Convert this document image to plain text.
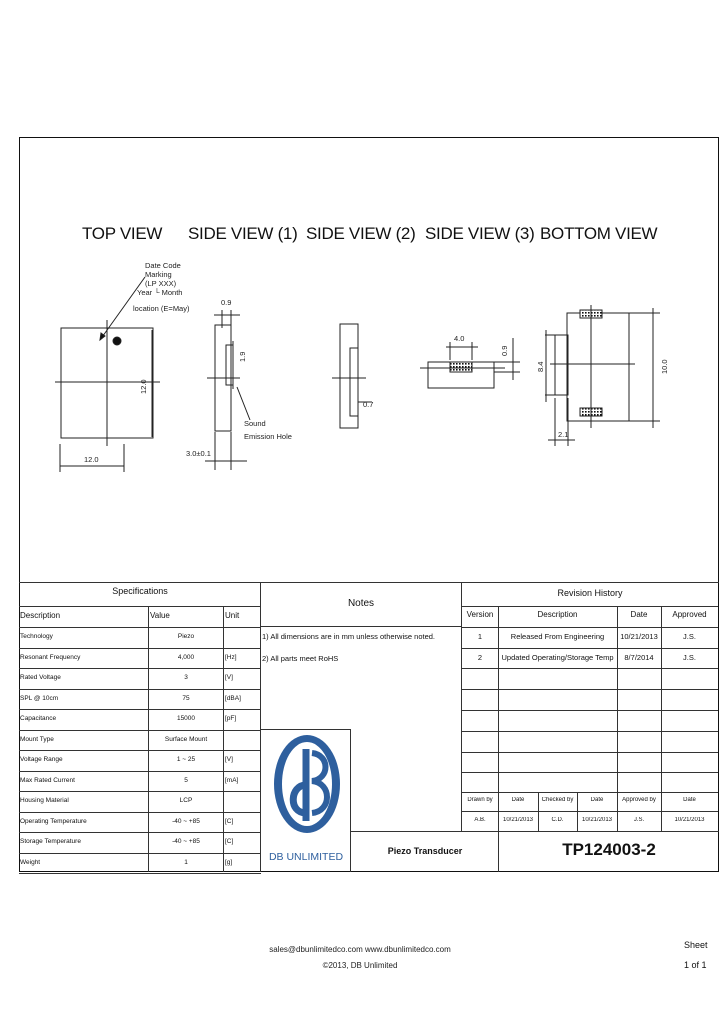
TOP VIEW SIDE VIEW (1) SIDE VIEW (2) SIDE VIEW (3) BOTTOM VIEW
Date Code
Marking
(LP XXX)
Year └ Month
location (E=May)
12.0
12.0
0.9
1.9
Sound
Emission Hole
3.0±0.1
0.7
4.0
0.9
8.4	10.0
2.1
Specifications
Description	Value	Unit
Technology	Piezo
Resonant Frequency	4,000	[Hz]
Rated Voltage	3	[V]
SPL @ 10cm	75	[dBA]
Capacitance	15000	[pF]
Mount Type	Surface Mount
Voltage Range	1 ~ 25	[V]
Max Rated Current	5	[mA]
Housing Material	LCP
Operating Temperature	-40 ~ +85	[C]
Storage Temperature	-40 ~ +85	[C]
Weight	1	[g]
Notes
1) All dimensions are in mm unless otherwise noted.
2) All parts meet RoHS
DB UNLIMITED
Revision History
Version	Description	Date	Approved
1	Released From Engineering	10/21/2013	J.S.
2	Updated Operating/Storage Temp	8/7/2014	J.S.
Drawn by	Date	Checked by	Date	Approved by	Date
A.B.	10/21/2013	C.D.	10/21/2013	J.S.	10/21/2013
Piezo Transducer	TP124003-2
sales@dbunlimitedco.com www.dbunlimitedco.com
©2013, DB Unlimited
Sheet
1 of 1
